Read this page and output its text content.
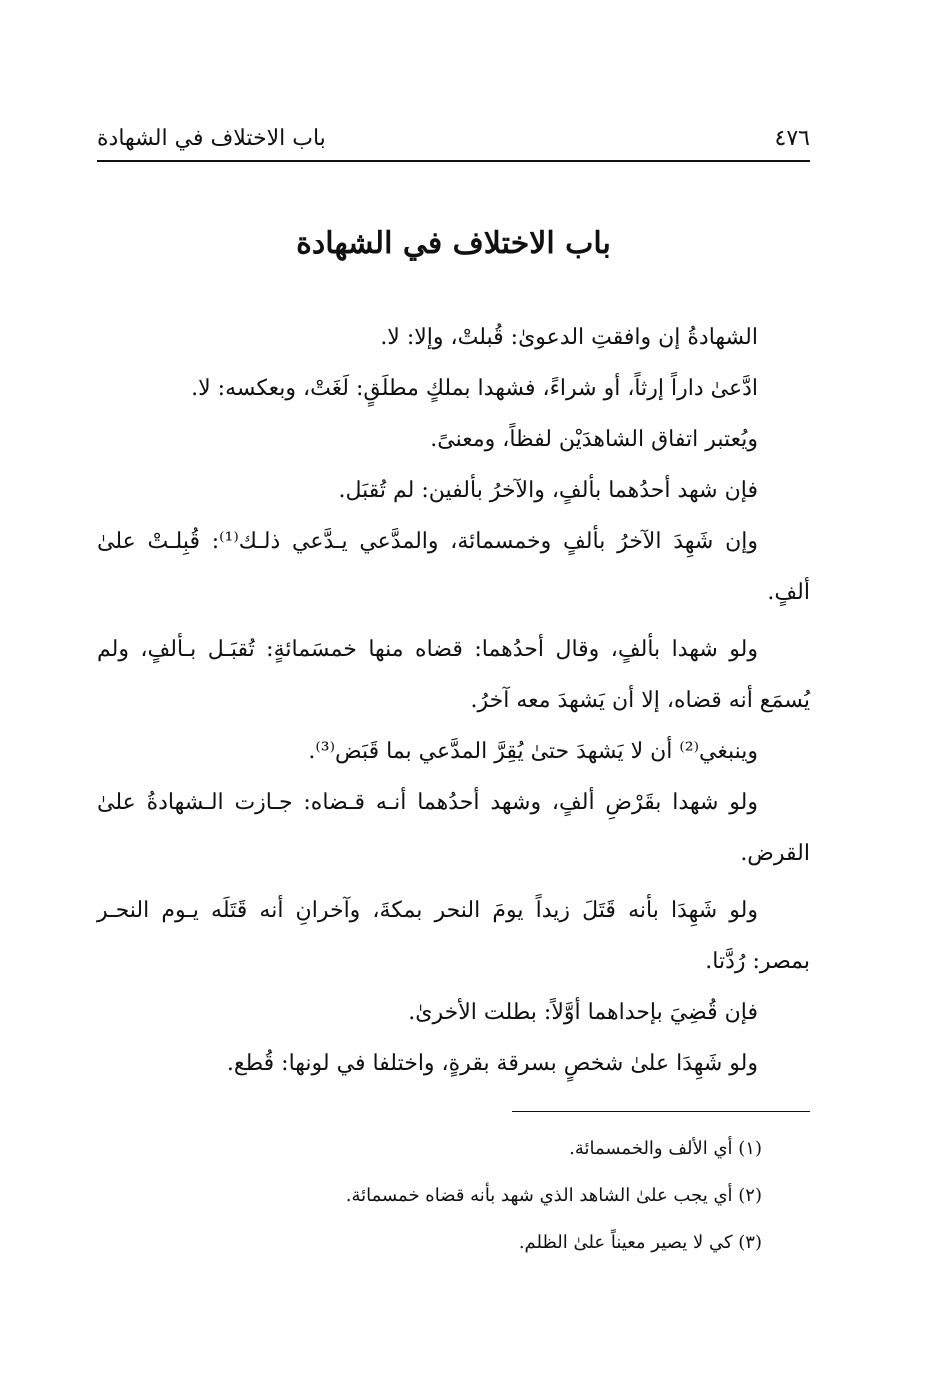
باب الاختلاف في الشهادة	٤٧٦
باب الاختلاف في الشهادة

الشهادةُ إن وافقتِ الدعوىٰ: قُبلتْ، وإلا: لا.

ادَّعىٰ داراً إرثاً، أو شراءً، فشهدا بملكٍ مطلَقٍ: لَغَتْ، وبعكسه: لا.

ويُعتبر اتفاق الشاهدَيْن لفظاً، ومعنىً.

فإن شهد أحدُهما بألفٍ، والآخرُ بألفين: لم تُقبَل.

وإن شَهِدَ الآخرُ بألفٍ وخمسمائة، والمدَّعي يـدَّعي ذلـك⁽¹⁾: قُبِلـتْ علىٰ ألفٍ.

ولو شهدا بألفٍ، وقال أحدُهما: قضاه منها خمسَمائةٍ: تُقبَـل بـألفٍ، ولم يُسمَع أنه قضاه، إلا أن يَشهدَ معه آخرُ.

وينبغي⁽²⁾ أن لا يَشهدَ حتىٰ يُقِرَّ المدَّعي بما قَبَض⁽³⁾.

ولو شهدا بقَرْضِ ألفٍ، وشهد أحدُهما أنـه قـضاه: جـازت الـشهادةُ علىٰ القرض.

ولو شَهِدَا بأنه قَتَلَ زيداً يومَ النحر بمكةَ، وآخرانِ أنه قَتَلَه يـوم النحـر بمصر: رُدَّتا.

فإن قُضِيَ بإحداهما أوَّلاً: بطلت الأخرىٰ.

ولو شَهِدَا علىٰ شخصٍ بسرقة بقرةٍ، واختلفا في لونها: قُطع.

(١) أي الألف والخمسمائة.

(٢) أي يجب علىٰ الشاهد الذي شهد بأنه قضاه خمسمائة.

(٣) كي لا يصير معيناً علىٰ الظلم.
